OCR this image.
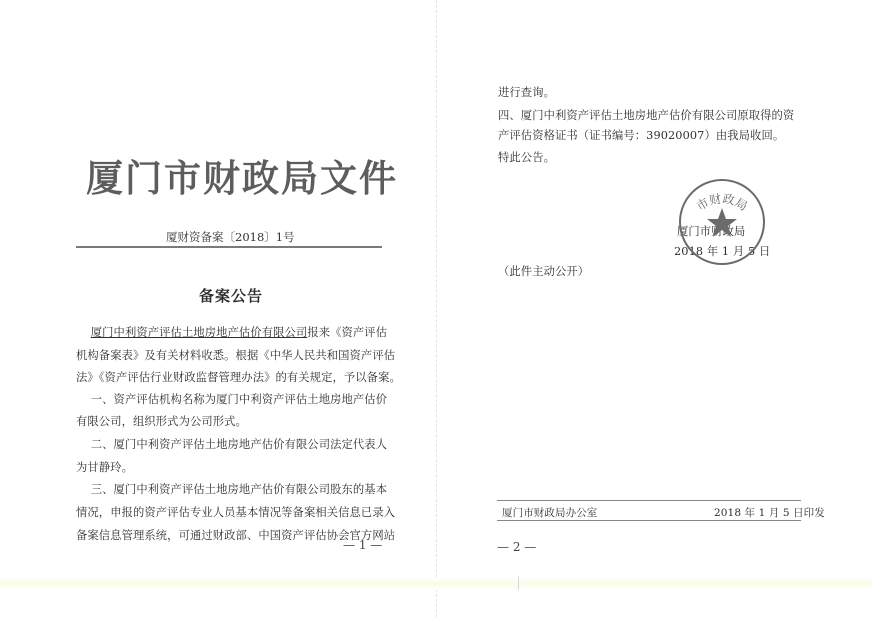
厦门市财政局文件
厦财资备案〔2018〕1号
备案公告
厦门中利资产评估土地房地产估价有限公司报来《资产评估
机构备案表》及有关材料收悉。根据《中华人民共和国资产评估
法》《资产评估行业财政监督管理办法》的有关规定，予以备案。
一、资产评估机构名称为厦门中利资产评估土地房地产估价
有限公司，组织形式为公司形式。
二、厦门中利资产评估土地房地产估价有限公司法定代表人
为甘静玲。
三、厦门中利资产评估土地房地产估价有限公司股东的基本
情况，申报的资产评估专业人员基本情况等备案相关信息已录入
备案信息管理系统，可通过财政部、中国资产评估协会官方网站
— 1 —
进行查询。
四、厦门中利资产评估土地房地产估价有限公司原取得的资
产评估资格证书（证书编号：39020007）由我局收回。
特此公告。
厦门市财政局
2018 年 1 月 5 日
（此件主动公开）
厦门市财政局办公室	2018 年 1 月 5 日印发
— 2 —
市财政局
